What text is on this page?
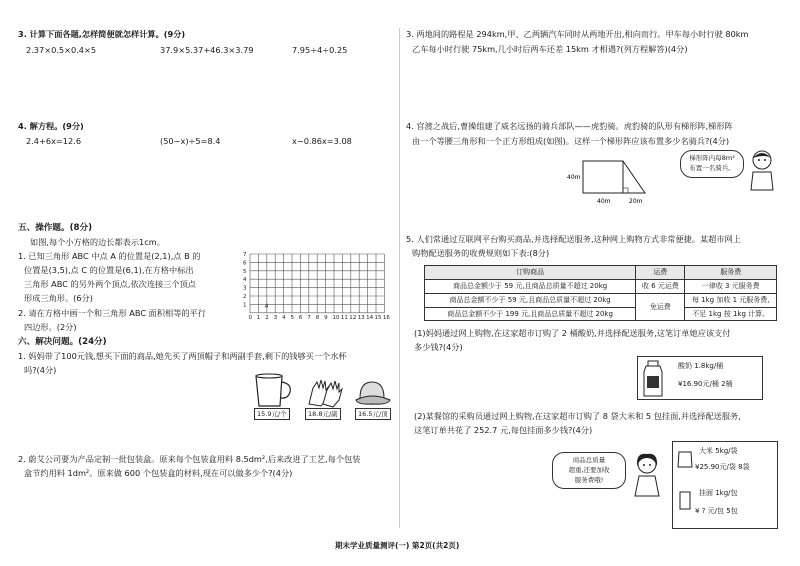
3. 计算下面各题,怎样简便就怎样计算。(9分)
2.37×0.5×0.4×5	37.9×5.37+46.3×3.79	7.95÷4÷0.25
4. 解方程。(9分)
2.4+6x=12.6	(50−x)÷5=8.4	x−0.86x=3.08
五、操作题。(8分)
如图,每个小方格的边长都表示1cm。
1. 已知三角形 ABC 中点 A 的位置是(2,1),点 B 的
位置是(3,5),点 C 的位置是(6,1),在方格中标出
三角形 ABC 的另外两个顶点,依次连接三个顶点
形成三角形。(6分)
2. 请在方格中画一个和三角形 ABC 面积相等的平行
四边形。(2分)
0 1 2 3 4 5 6 7 8 9 10 11 12 13 14 15 16
1
2
3
4
5
6
7
A
六、解决问题。(24分)
1. 妈妈带了100元钱,想买下面的商品,她先买了两顶帽子和两副手套,剩下的钱够买一个水杯
吗?(4分)
15.9元/个	18.8元/副	16.5元/顶
2. 蔚艾公司要为产品定制一批包装盒。原来每个包装盒用料 8.5dm²,后来改进了工艺,每个包装
盒节约用料 1dm²。原来做 600 个包装盒的材料,现在可以做多少个?(4分)
3. 两地间的路程是 294km,甲、乙两辆汽车同时从两地开出,相向而行。甲车每小时行驶 80km
乙车每小时行驶 75km,几小时后两车还差 15km 才相遇?(列方程解答)(4分)
4. 官渡之战后,曹操组建了威名远扬的骑兵部队——虎豹骑。虎豹骑的队形有梯形阵,梯形阵
由一个等腰三角形和一个正方形组成(如图)。这样一个梯形阵应该布置多少名骑兵?(4分)
40m
40m	20m
梯形阵内每8m²
布置一名骑兵。
5. 人们常通过互联网平台购买商品,并选择配送服务,这种网上购物方式非常便捷。某超市网上
购物配送服务的收费规则如下表:(8分)
订购商品	运费	服务费
商品总金额少于 59 元,且商品总质量不超过 20kg	收 6 元运费	一律收 3 元服务费
商品总金额不少于 59 元,且商品总质量不超过 20kg	免运费	每 1kg 加收 1 元服务费,
商品总金额不少于 199 元,且商品总质量不超过 20kg		不足 1kg 按 1kg 计算。
(1)妈妈通过网上购物,在这家超市订购了 2 桶酸奶,并选择配送服务,这笔订单她应该支付
多少钱?(4分)
酸奶 1.8kg/桶
¥16.90元/桶 2桶
(2)某餐馆的采购员通过网上购物,在这家超市订购了 8 袋大米和 5 包挂面,并选择配送服务,
这笔订单共花了 252.7 元,每包挂面多少钱?(4分)
商品总质量
超重,还要加收
服务费哦!
大米 5kg/袋
¥25.90元/袋 8袋
挂面 1kg/包
¥ ? 元/包 5包
期末学业质量测评(一) 第2页(共2页)
